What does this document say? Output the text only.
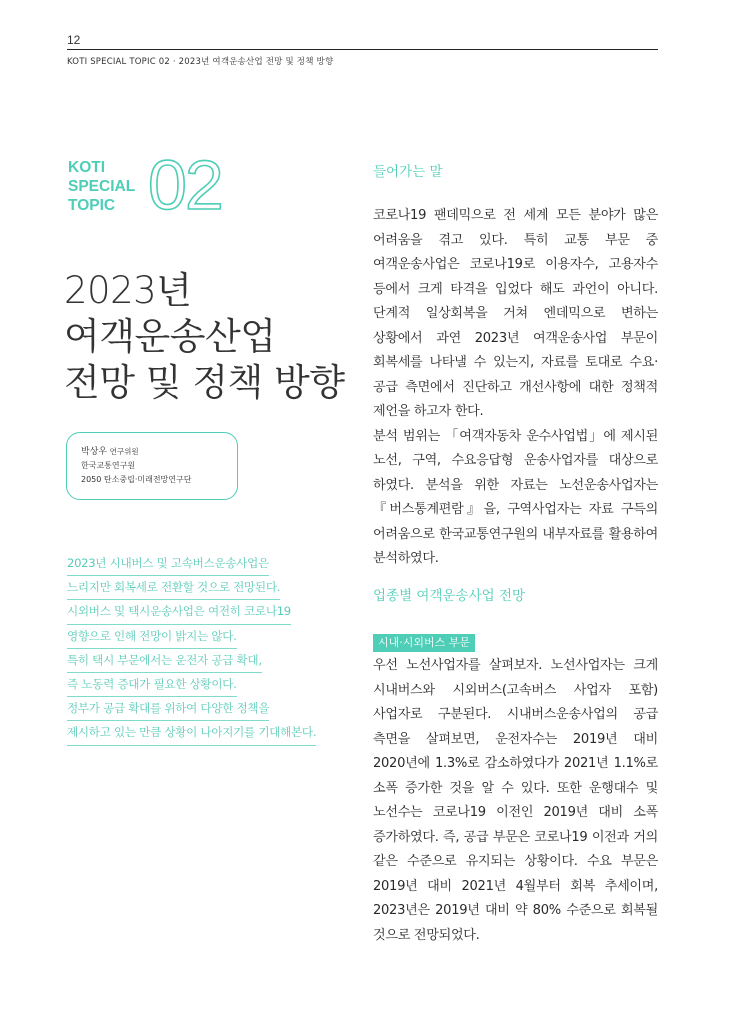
12
KOTI SPECIAL TOPIC 02 · 2023년 여객운송산업 전망 및 정책 방향
KOTI
SPECIAL
TOPIC 02
2023년
여객운송산업
전망 및 정책 방향
박상우 연구위원
한국교통연구원
2050 탄소중립·미래전망연구단
2023년 시내버스 및 고속버스운송사업은
느리지만 회복세로 전환할 것으로 전망된다.
시외버스 및 택시운송사업은 여전히 코로나19
영향으로 인해 전망이 밝지는 않다.
특히 택시 부문에서는 운전자 공급 확대,
즉 노동력 증대가 필요한 상황이다.
정부가 공급 확대를 위하여 다양한 정책을
제시하고 있는 만큼 상황이 나아지기를 기대해본다.
들어가는 말

코로나19 팬데믹으로 전 세계 모든 분야가 많은 어려움을 겪고 있다. 특히 교통 부문 중 여객운송사업은 코로나19로 이용자수, 고용자수 등에서 크게 타격을 입었다 해도 과언이 아니다. 단계적 일상회복을 거쳐 엔데믹으로 변하는 상황에서 과연 2023년 여객운송사업 부문이 회복세를 나타낼 수 있는지, 자료를 토대로 수요·공급 측면에서 진단하고 개선사항에 대한 정책적 제언을 하고자 한다.

분석 범위는 「여객자동차 운수사업법」에 제시된 노선, 구역, 수요응답형 운송사업자를 대상으로 하였다. 분석을 위한 자료는 노선운송사업자는 『버스통계편람』을, 구역사업자는 자료 구득의 어려움으로 한국교통연구원의 내부자료를 활용하여 분석하였다.

업종별 여객운송사업 전망
시내·시외버스 부문

우선 노선사업자를 살펴보자. 노선사업자는 크게 시내버스와 시외버스(고속버스 사업자 포함) 사업자로 구분된다. 시내버스운송사업의 공급 측면을 살펴보면, 운전자수는 2019년 대비 2020년에 1.3%로 감소하였다가 2021년 1.1%로 소폭 증가한 것을 알 수 있다. 또한 운행대수 및 노선수는 코로나19 이전인 2019년 대비 소폭 증가하였다. 즉, 공급 부문은 코로나19 이전과 거의 같은 수준으로 유지되는 상황이다. 수요 부문은 2019년 대비 2021년 4월부터 회복 추세이며, 2023년은 2019년 대비 약 80% 수준으로 회복될 것으로 전망되었다.
